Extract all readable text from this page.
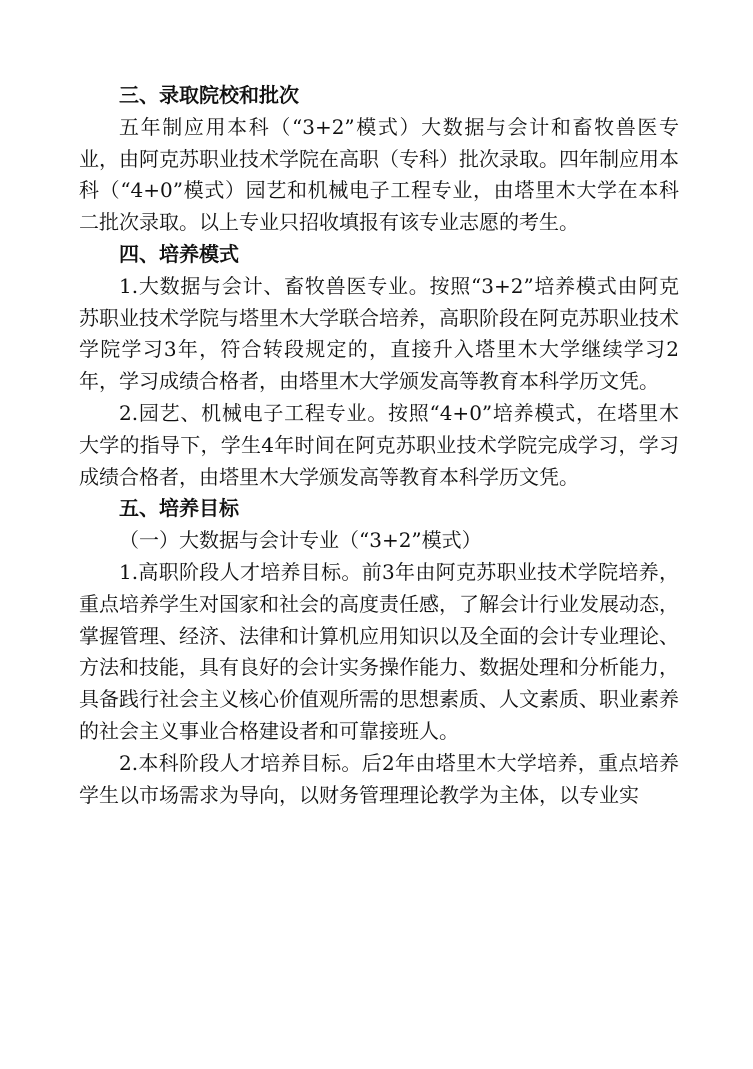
三、录取院校和批次

五年制应用本科（“3+2”模式）大数据与会计和畜牧兽医专业，由阿克苏职业技术学院在高职（专科）批次录取。四年制应用本科（“4+0”模式）园艺和机械电子工程专业，由塔里木大学在本科二批次录取。以上专业只招收填报有该专业志愿的考生。

四、培养模式

1.大数据与会计、畜牧兽医专业。按照“3+2”培养模式由阿克苏职业技术学院与塔里木大学联合培养，高职阶段在阿克苏职业技术学院学习3年，符合转段规定的，直接升入塔里木大学继续学习2年，学习成绩合格者，由塔里木大学颁发高等教育本科学历文凭。

2.园艺、机械电子工程专业。按照“4+0”培养模式，在塔里木大学的指导下，学生4年时间在阿克苏职业技术学院完成学习，学习成绩合格者，由塔里木大学颁发高等教育本科学历文凭。

五、培养目标

（一）大数据与会计专业（“3+2”模式）

1.高职阶段人才培养目标。前3年由阿克苏职业技术学院培养，重点培养学生对国家和社会的高度责任感，了解会计行业发展动态，掌握管理、经济、法律和计算机应用知识以及全面的会计专业理论、方法和技能，具有良好的会计实务操作能力、数据处理和分析能力，具备践行社会主义核心价值观所需的思想素质、人文素质、职业素养的社会主义事业合格建设者和可靠接班人。

2.本科阶段人才培养目标。后2年由塔里木大学培养，重点培养学生以市场需求为导向，以财务管理理论教学为主体，以专业实
